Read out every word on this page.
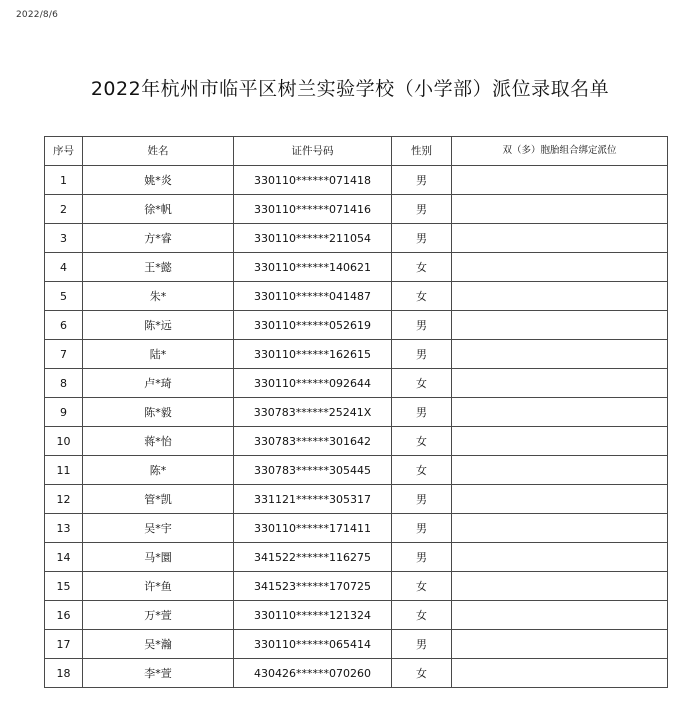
2022/8/6
2022年杭州市临平区树兰实验学校（小学部）派位录取名单
序号	姓名	证件号码	性别	双（多）胞胎组合绑定派位
1	姚*炎	330110******071418	男	
2	徐*帆	330110******071416	男	
3	方*睿	330110******211054	男	
4	王*懿	330110******140621	女	
5	朱*	330110******041487	女	
6	陈*远	330110******052619	男	
7	陆*	330110******162615	男	
8	卢*琦	330110******092644	女	
9	陈*毅	330783******25241X	男	
10	蒋*怡	330783******301642	女	
11	陈*	330783******305445	女	
12	管*凯	331121******305317	男	
13	吴*宇	330110******171411	男	
14	马*圜	341522******116275	男	
15	许*鱼	341523******170725	女	
16	万*萱	330110******121324	女	
17	吴*瀚	330110******065414	男	
18	李*萱	430426******070260	女	
